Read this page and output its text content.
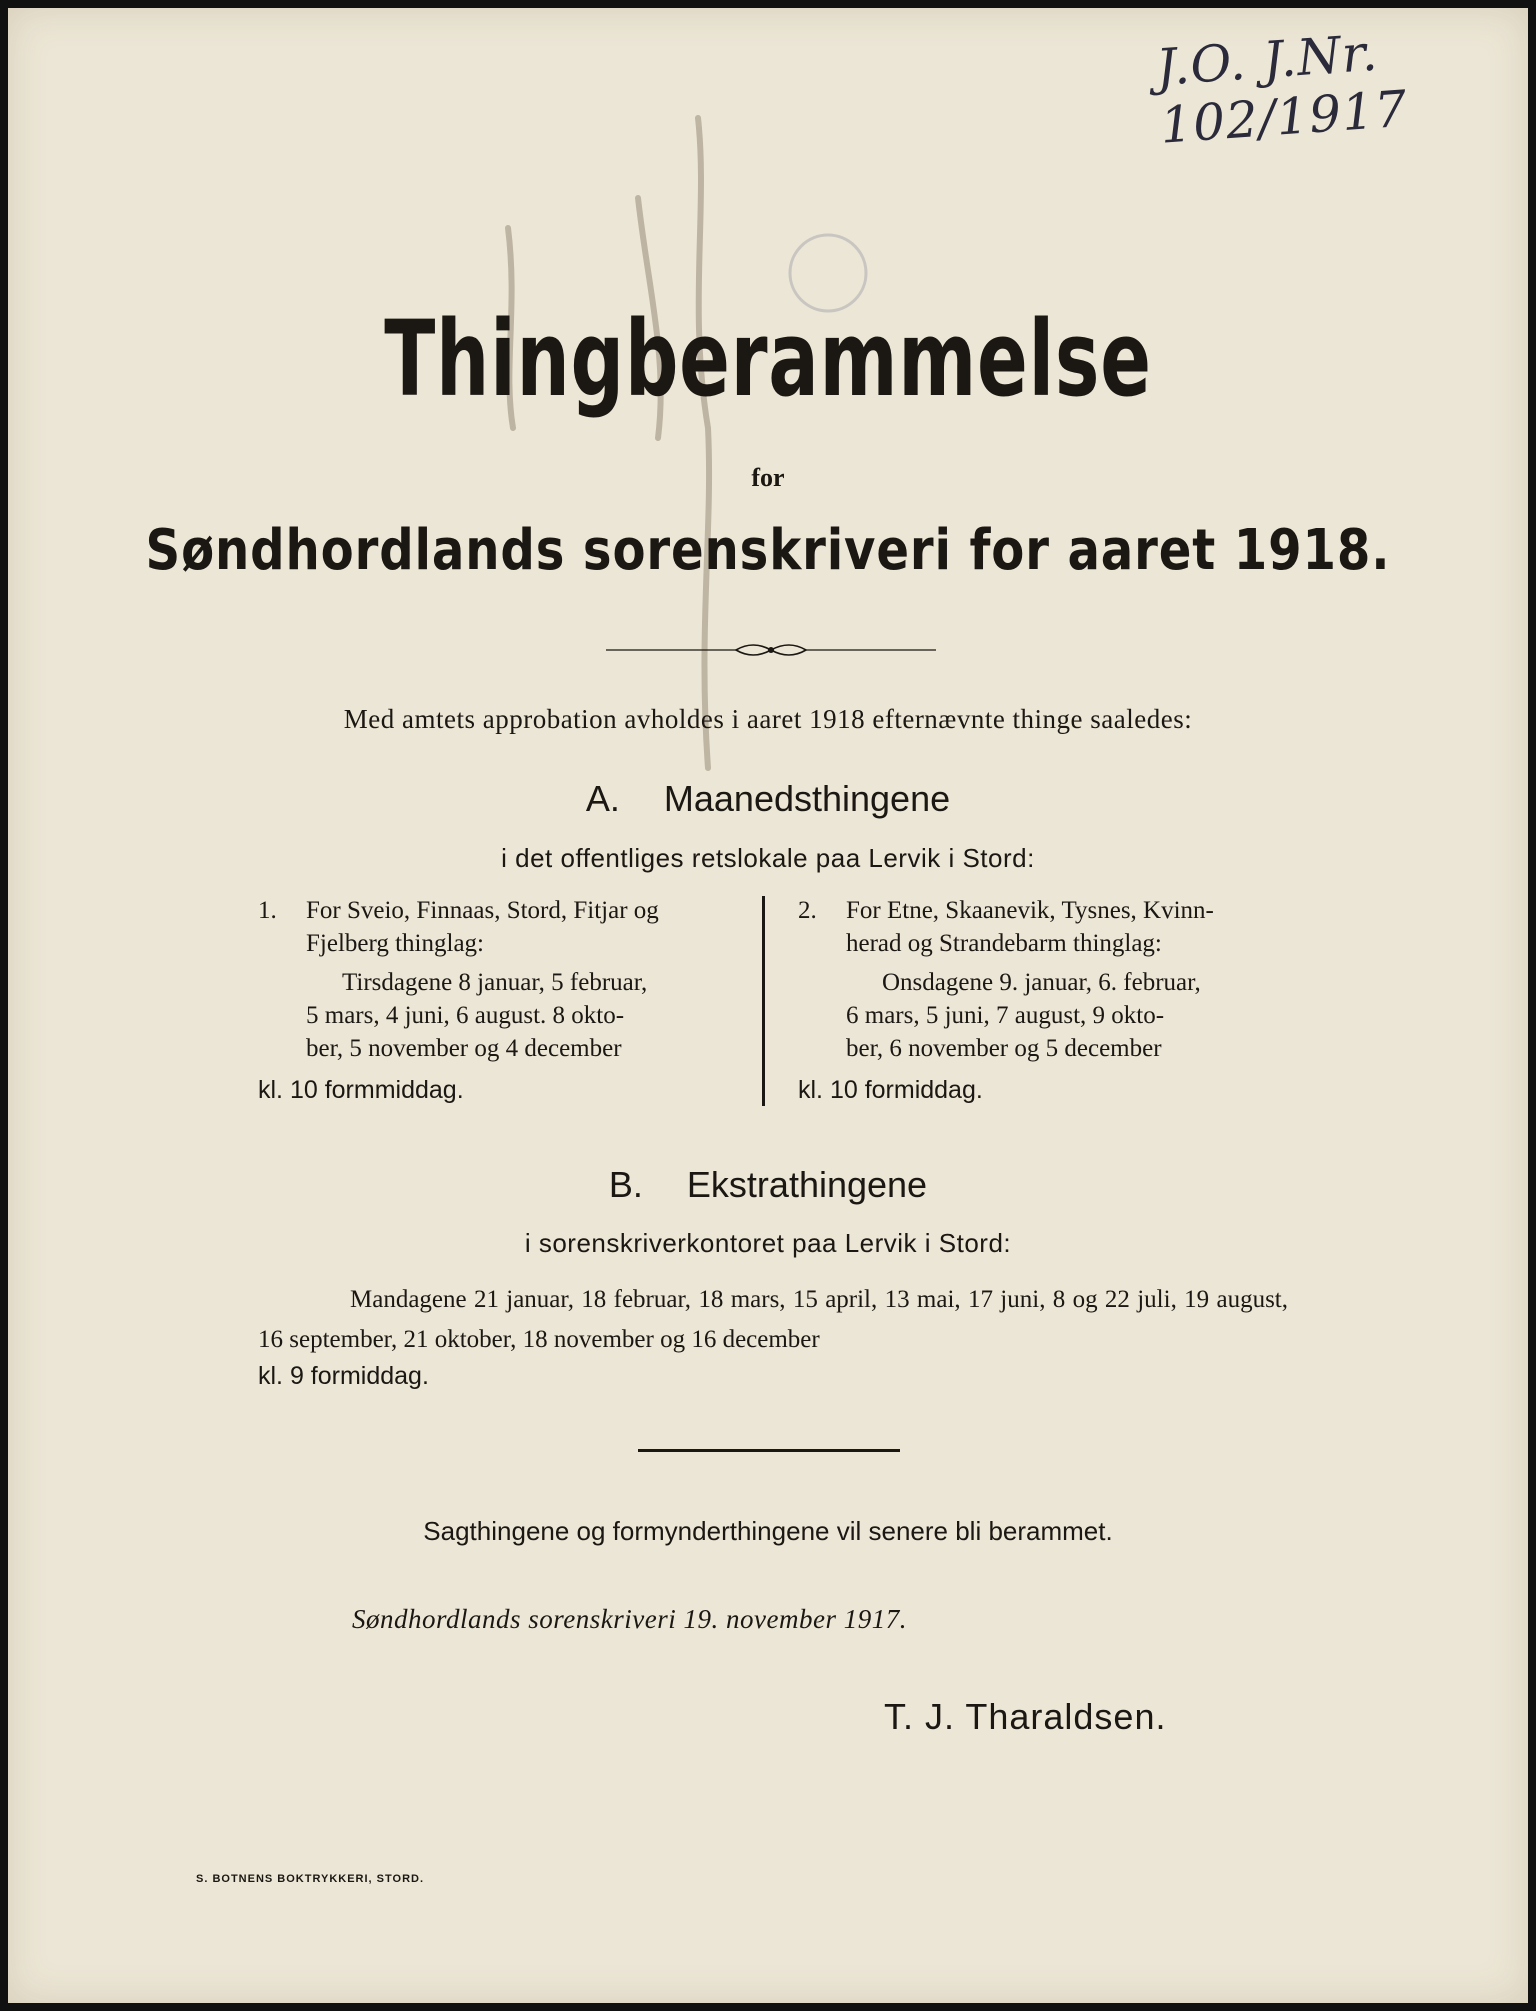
J.O. J.Nr. 102/1917
Thingberammelse
for
Søndhordlands sorenskriveri for aaret 1918.
Med amtets approbation avholdes i aaret 1918 efternævnte thinge saaledes:
A. Maanedsthingene
i det offentliges retslokale paa Lervik i Stord:
1. For Sveio, Finnaas, Stord, Fitjar og
Fjelberg thinglag:
Tirsdagene 8 januar, 5 februar,
5 mars, 4 juni, 6 august. 8 okto-
ber, 5 november og 4 december
kl. 10 formmiddag.
2. For Etne, Skaanevik, Tysnes, Kvinn-
herad og Strandebarm thinglag:
Onsdagene 9. januar, 6. februar,
6 mars, 5 juni, 7 august, 9 okto-
ber, 6 november og 5 december
kl. 10 formiddag.
B. Ekstrathingene
i sorenskriverkontoret paa Lervik i Stord:
Mandagene 21 januar, 18 februar, 18 mars, 15 april, 13 mai, 17 juni, 8 og 22 juli, 19 august, 16 september, 21 oktober, 18 november og 16 december
kl. 9 formiddag.
Sagthingene og formynderthingene vil senere bli berammet.
Søndhordlands sorenskriveri 19. november 1917.
T. J. Tharaldsen.
S. BOTNENS BOKTRYKKERI, STORD.
